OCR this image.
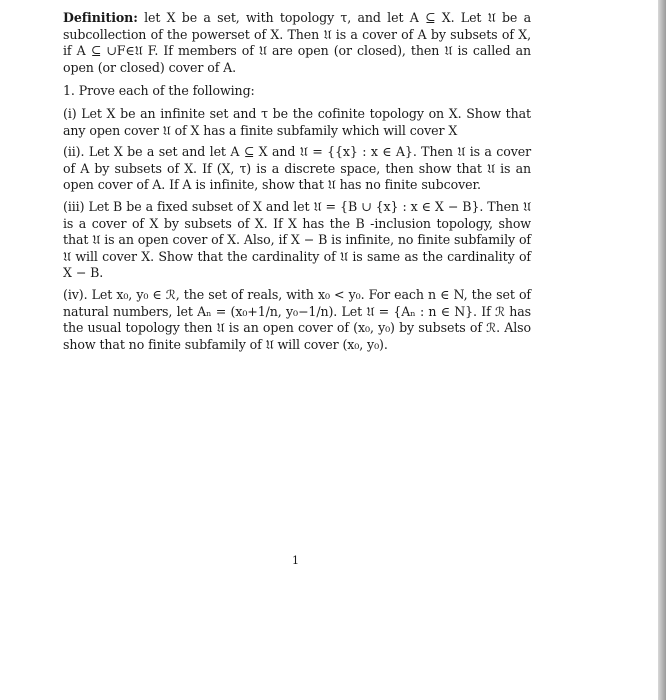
Definition: let X be a set, with topology τ, and let A ⊆ X. Let 𝔘 be a subcollection of the powerset of X. Then 𝔘 is a cover of A by subsets of X, if A ⊆ ∪F∈𝔘 F. If members of 𝔘 are open (or closed), then 𝔘 is called an open (or closed) cover of A.

1. Prove each of the following:

(i) Let X be an infinite set and τ be the cofinite topology on X. Show that any open cover 𝔘 of X has a finite subfamily which will cover X

(ii). Let X be a set and let A ⊆ X and 𝔘 = {{x} : x ∈ A}. Then 𝔘 is a cover of A by subsets of X. If (X, τ) is a discrete space, then show that 𝔘 is an open cover of A. If A is infinite, show that 𝔘 has no finite subcover.

(iii) Let B be a fixed subset of X and let 𝔘 = {B ∪ {x} : x ∈ X − B}. Then 𝔘 is a cover of X by subsets of X. If X has the B -inclusion topology, show that 𝔘 is an open cover of X. Also, if X − B is infinite, no finite subfamily of 𝔘 will cover X. Show that the cardinality of 𝔘 is same as the cardinality of X − B.

(iv). Let x₀, y₀ ∈ ℛ, the set of reals, with x₀ < y₀. For each n ∈ N, the set of natural numbers, let Aₙ = (x₀+1/n, y₀−1/n). Let 𝔘 = {Aₙ : n ∈ N}. If ℛ has the usual topology then 𝔘 is an open cover of (x₀, y₀) by subsets of ℛ. Also show that no finite subfamily of 𝔘 will cover (x₀, y₀).

1
